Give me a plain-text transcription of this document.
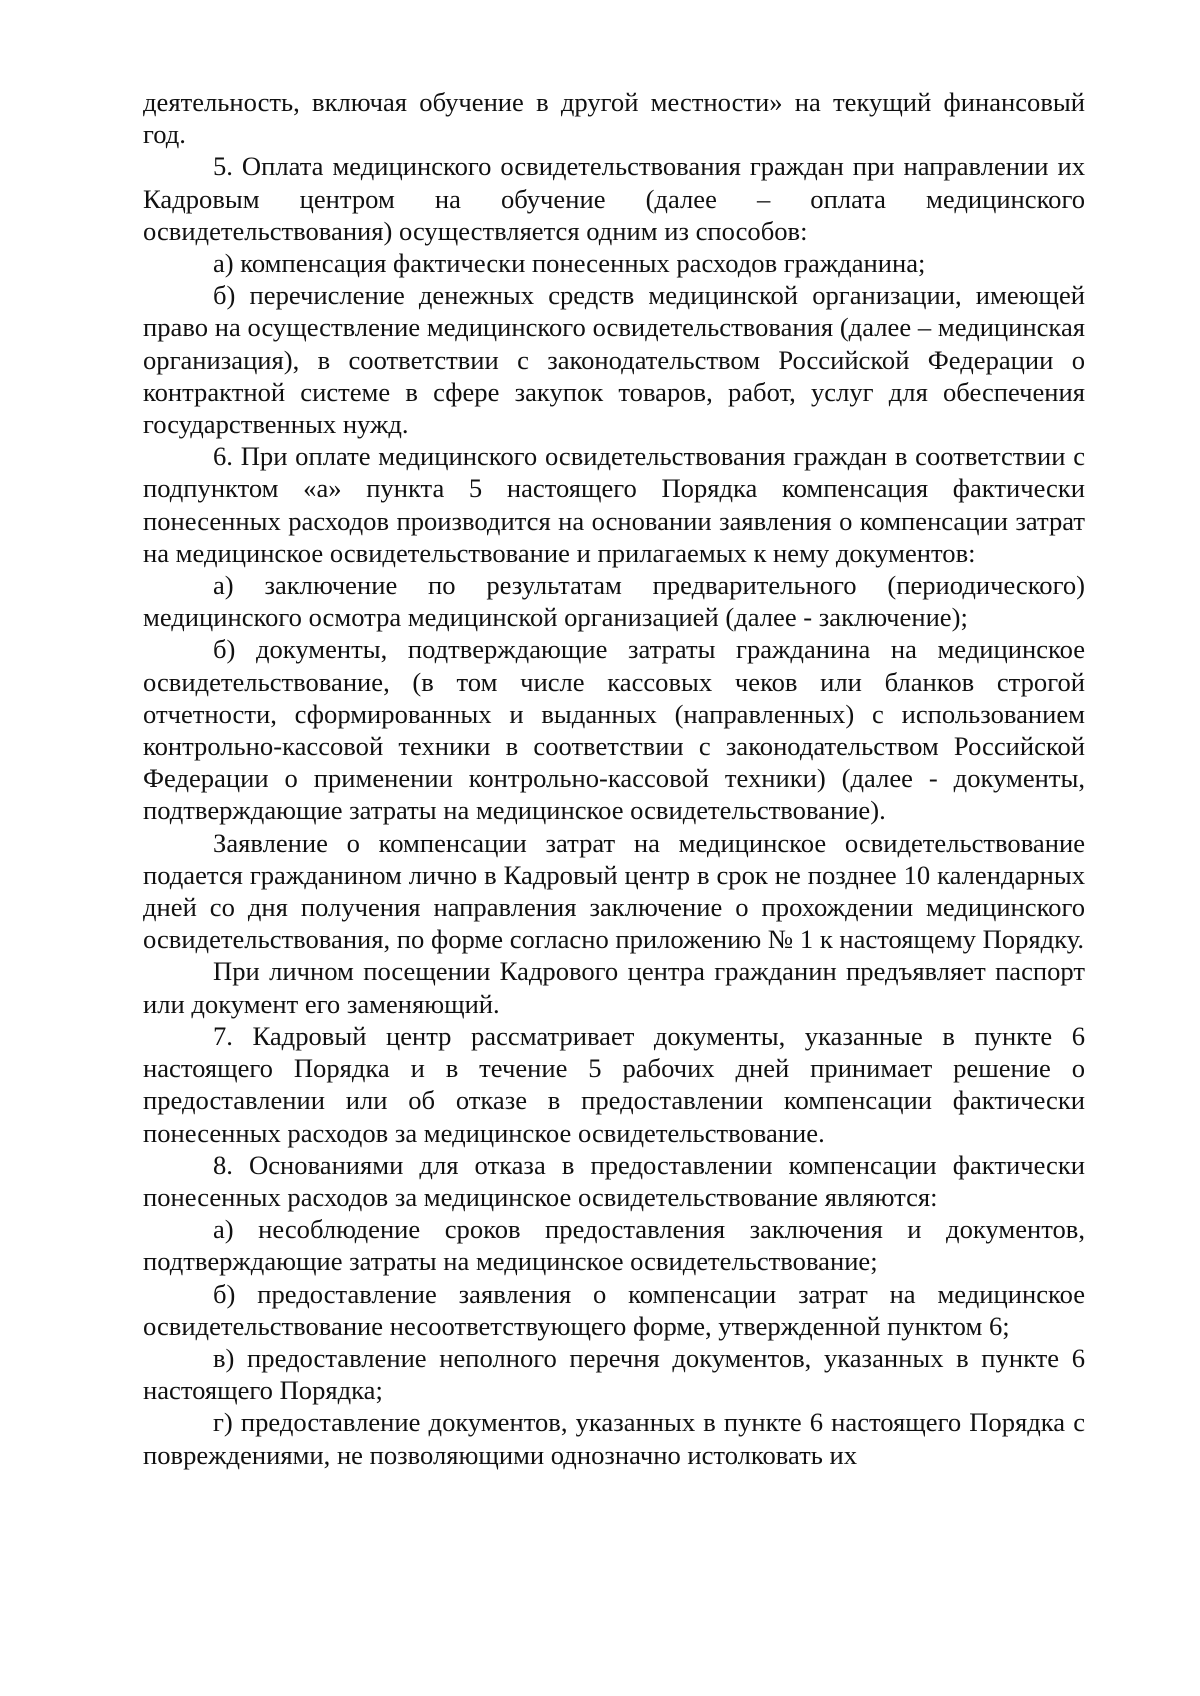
деятельность, включая обучение в другой местности» на текущий финансовый год.

5. Оплата медицинского освидетельствования граждан при направлении их Кадровым центром на обучение (далее – оплата медицинского освидетельствования) осуществляется одним из способов:

а) компенсация фактически понесенных расходов гражданина;

б) перечисление денежных средств медицинской организации, имеющей право на осуществление медицинского освидетельствования (далее – медицинская организация), в соответствии с законодательством Российской Федерации о контрактной системе в сфере закупок товаров, работ, услуг для обеспечения государственных нужд.

6. При оплате медицинского освидетельствования граждан в соответствии с подпунктом «а» пункта 5 настоящего Порядка компенсация фактически понесенных расходов производится на основании заявления о компенсации затрат на медицинское освидетельствование и прилагаемых к нему документов:

а) заключение по результатам предварительного (периодического) медицинского осмотра медицинской организацией (далее - заключение);

б) документы, подтверждающие затраты гражданина на медицинское освидетельствование, (в том числе кассовых чеков или бланков строгой отчетности, сформированных и выданных (направленных) с использованием контрольно-кассовой техники в соответствии с законодательством Российской Федерации о применении контрольно-кассовой техники) (далее - документы, подтверждающие затраты на медицинское освидетельствование).

Заявление о компенсации затрат на медицинское освидетельствование подается гражданином лично в Кадровый центр в срок не позднее 10 календарных дней со дня получения направления заключение о прохождении медицинского освидетельствования, по форме согласно приложению № 1 к настоящему Порядку.

При личном посещении Кадрового центра гражданин предъявляет паспорт или документ его заменяющий.

7. Кадровый центр рассматривает документы, указанные в пункте 6 настоящего Порядка и в течение 5 рабочих дней принимает решение о предоставлении или об отказе в предоставлении компенсации фактически понесенных расходов за медицинское освидетельствование.

8. Основаниями для отказа в предоставлении компенсации фактически понесенных расходов за медицинское освидетельствование являются:

а) несоблюдение сроков предоставления заключения и документов, подтверждающие затраты на медицинское освидетельствование;

б) предоставление заявления о компенсации затрат на медицинское освидетельствование несоответствующего форме, утвержденной пунктом 6;

в) предоставление неполного перечня документов, указанных в пункте 6 настоящего Порядка;

г) предоставление документов, указанных в пункте 6 настоящего Порядка с повреждениями, не позволяющими однозначно истолковать их
